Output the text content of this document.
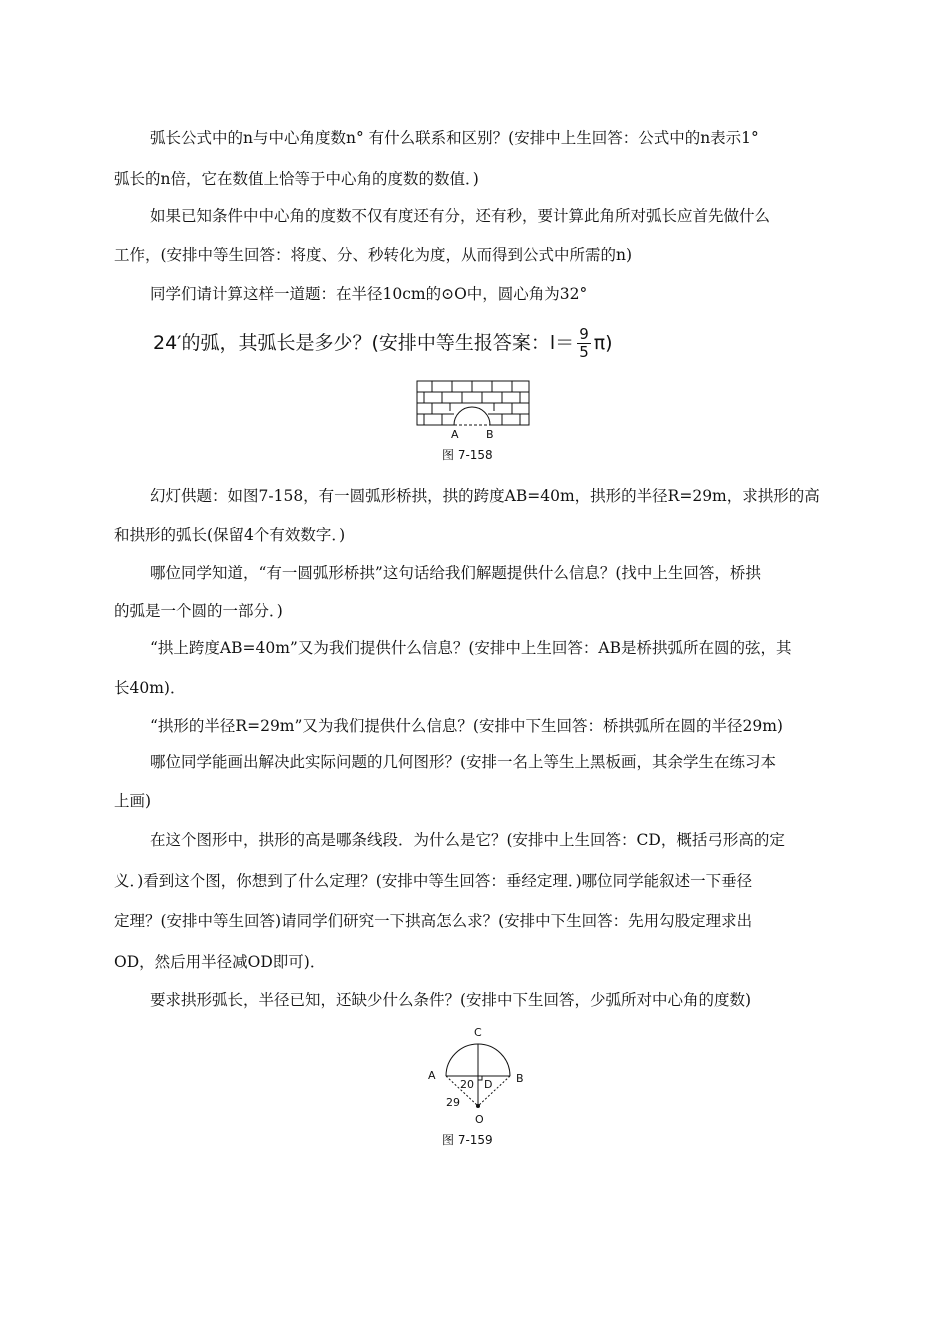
弧长公式中的n与中心角度数n° 有什么联系和区别？(安排中上生回答：公式中的n表示1°
弧长的n倍，它在数值上恰等于中心角的度数的数值．)
如果已知条件中中心角的度数不仅有度还有分，还有秒，要计算此角所对弧长应首先做什么
工作，(安排中等生回答：将度、分、秒转化为度，从而得到公式中所需的n)
同学们请计算这样一道题：在半径10cm的⊙O中，圆心角为32°
24′的弧，其弧长是多少？(安排中等生报答案：$l= \frac{9}{5} \pi$)
A B
图 7-158
幻灯供题：如图7-158，有一圆弧形桥拱，拱的跨度AB=40m，拱形的半径R=29m，求拱形的高
和拱形的弧长(保留4个有效数字．)
哪位同学知道，“有一圆弧形桥拱”这句话给我们解题提供什么信息？(找中上生回答，桥拱
的弧是一个圆的一部分．)
“拱上跨度AB=40m”又为我们提供什么信息？(安排中上生回答：AB是桥拱弧所在圆的弦，其
长40m)．
“拱形的半径R=29m”又为我们提供什么信息？(安排中下生回答：桥拱弧所在圆的半径29m)
哪位同学能画出解决此实际问题的几何图形？(安排一名上等生上黑板画，其余学生在练习本
上画)
在这个图形中，拱形的高是哪条线段．为什么是它？(安排中上生回答：CD，概括弓形高的定
义．)看到这个图，你想到了什么定理？(安排中等生回答：垂经定理．)哪位同学能叙述一下垂径
定理？(安排中等生回答)请同学们研究一下拱高怎么求？(安排中下生回答：先用勾股定理求出
OD，然后用半径减OD即可)．
要求拱形弧长，半径已知，还缺少什么条件？(安排中下生回答，少弧所对中心角的度数)
C
A	B
D
20
29
O
图 7-159
